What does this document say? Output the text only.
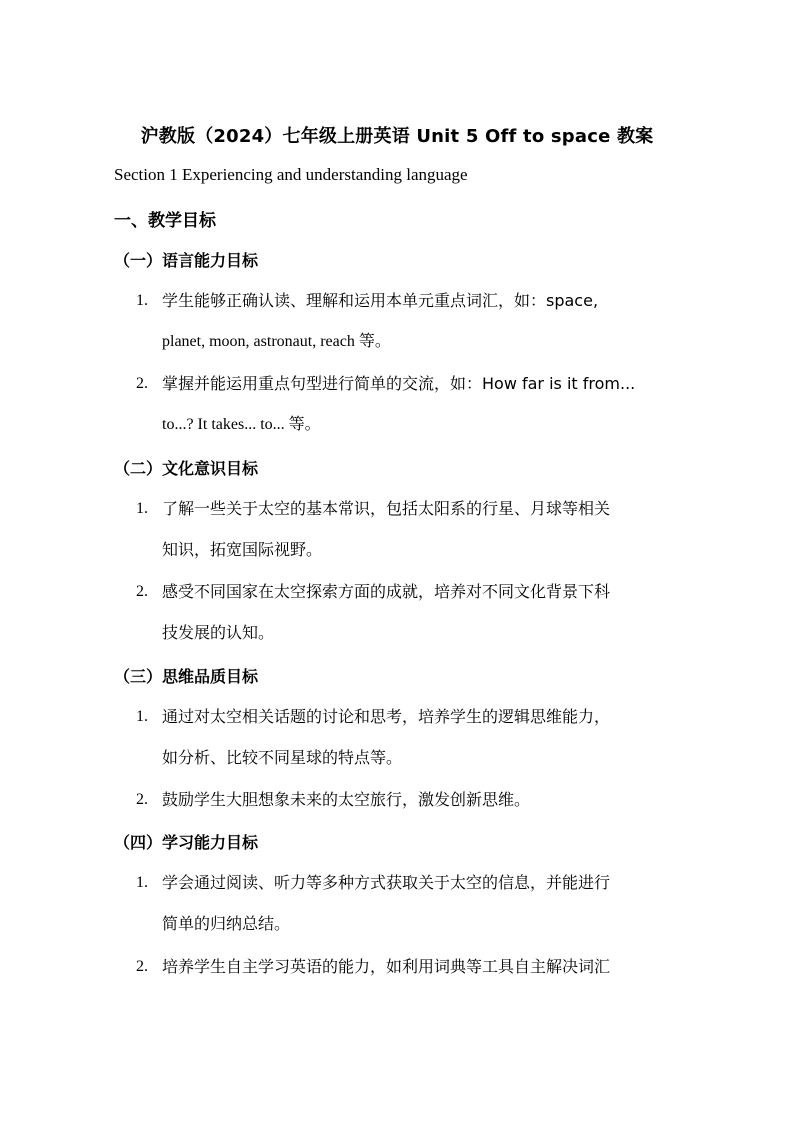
沪教版（2024）七年级上册英语 Unit 5 Off to space 教案
Section 1 Experiencing and understanding language
一、教学目标
（一）语言能力目标
1. 学生能够正确认读、理解和运用本单元重点词汇，如：space,
planet, moon, astronaut, reach 等。
2. 掌握并能运用重点句型进行简单的交流，如：How far is it from...
to...? It takes... to... 等。
（二）文化意识目标
1. 了解一些关于太空的基本常识，包括太阳系的行星、月球等相关
知识，拓宽国际视野。
2. 感受不同国家在太空探索方面的成就，培养对不同文化背景下科
技发展的认知。
（三）思维品质目标
1. 通过对太空相关话题的讨论和思考，培养学生的逻辑思维能力，
如分析、比较不同星球的特点等。
2. 鼓励学生大胆想象未来的太空旅行，激发创新思维。
（四）学习能力目标
1. 学会通过阅读、听力等多种方式获取关于太空的信息，并能进行
简单的归纳总结。
2. 培养学生自主学习英语的能力，如利用词典等工具自主解决词汇
